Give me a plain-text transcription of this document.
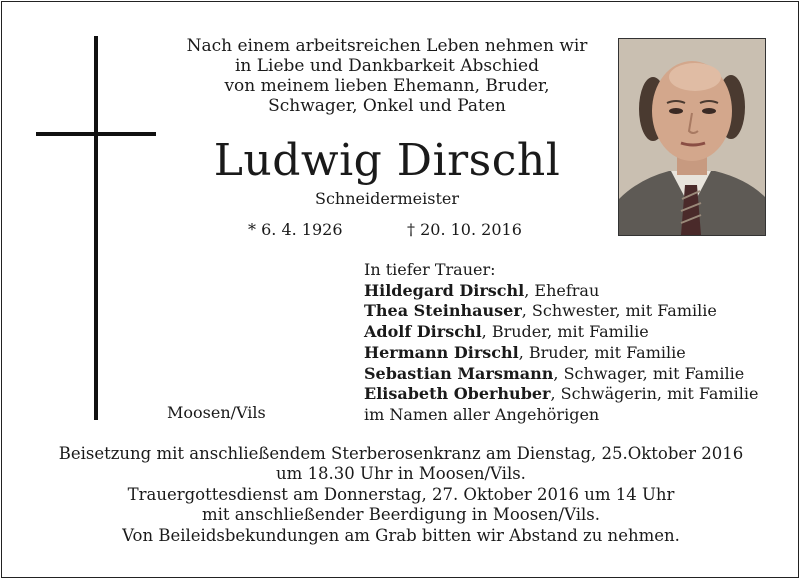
Nach einem arbeitsreichen Leben nehmen wir
in Liebe und Dankbarkeit Abschied
von meinem lieben Ehemann, Bruder,
Schwager, Onkel und Paten
Ludwig Dirschl
Schneidermeister
* 6. 4. 1926	† 20. 10. 2016
In tiefer Trauer:
Hildegard Dirschl, Ehefrau
Thea Steinhauser, Schwester, mit Familie
Adolf Dirschl, Bruder, mit Familie
Hermann Dirschl, Bruder, mit Familie
Sebastian Marsmann, Schwager, mit Familie
Elisabeth Oberhuber, Schwägerin, mit Familie
im Namen aller Angehörigen
Moosen/Vils
Beisetzung mit anschließendem Sterberosenkranz am Dienstag, 25.Oktober 2016
um 18.30 Uhr in Moosen/Vils.
Trauergottesdienst am Donnerstag, 27. Oktober 2016 um 14 Uhr
mit anschließender Beerdigung in Moosen/Vils.
Von Beileidsbekundungen am Grab bitten wir Abstand zu nehmen.
